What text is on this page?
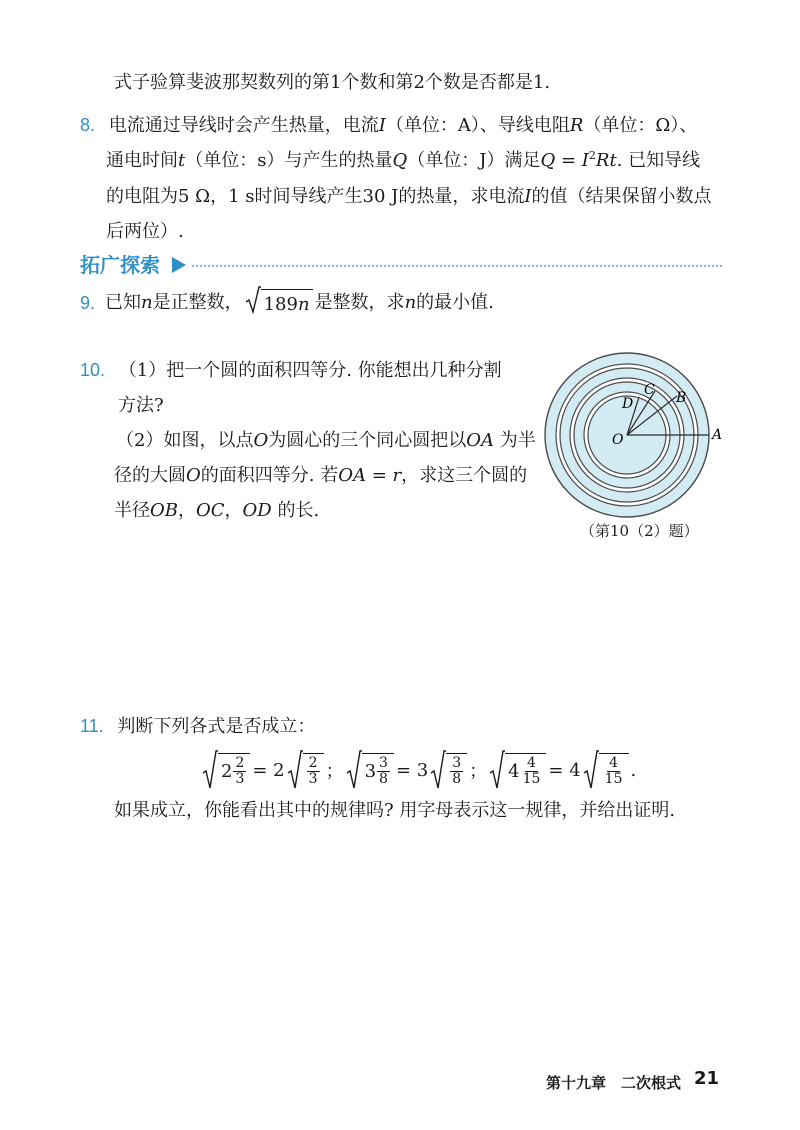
式子验算斐波那契数列的第1个数和第2个数是否都是1.
8. 电流通过导线时会产生热量，电流I（单位：A）、导线电阻R（单位：Ω）、
通电时间t（单位：s）与产生的热量Q（单位：J）满足$Q = I^2Rt$. 已知导线
的电阻为5 Ω，1 s时间导线产生30 J的热量，求电流I的值（结果保留小数点
后两位）.
拓广探索
9. 已知 n 是正整数， 189 n 是整数，求 n 的最小值.
10. （1）把一个圆的面积四等分. 你能想出几种分割
方法?
（2）如图，以点O为圆心的三个同心圆把以OA 为半
径的大圆O的面积四等分. 若OA = r，求这三个圆的
半径OB，OC，OD 的长.
O	A
B
C
D
（第10（2）题）
11. 判断下列各式是否成立：
$2 \frac{2}{3} = 2 \frac{2}{3}$ ； $3 \frac{3}{8} = 3 \frac{3}{8}$ ； $4 \frac{4}{15} = 4 \frac{4}{15}$ .
如果成立，你能看出其中的规律吗? 用字母表示这一规律，并给出证明.
第十九章　二次根式 21
